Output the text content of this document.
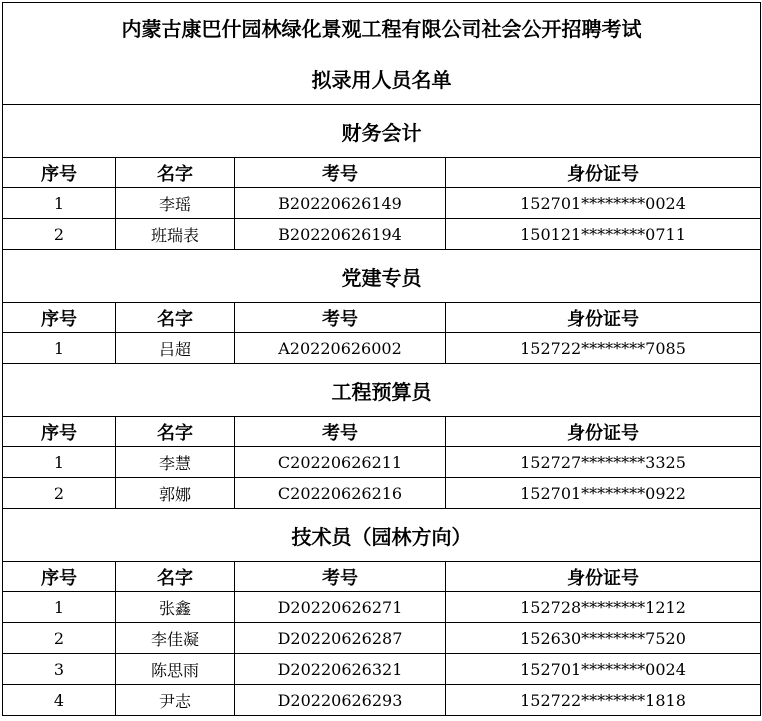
内蒙古康巴什园林绿化景观工程有限公司社会公开招聘考试			
拟录用人员名单			
财务会计			
序号	名字	考号	身份证号
1	李瑶	B20220626149	152701********0024
2	班瑞表	B20220626194	150121********0711
党建专员			
序号	名字	考号	身份证号
1	吕超	A20220626002	152722********7085
工程预算员			
序号	名字	考号	身份证号
1	李慧	C20220626211	152727********3325
2	郭娜	C20220626216	152701********0922
技术员（园林方向）			
序号	名字	考号	身份证号
1	张鑫	D20220626271	152728********1212
2	李佳凝	D20220626287	152630********7520
3	陈思雨	D20220626321	152701********0024
4	尹志	D20220626293	152722********1818
